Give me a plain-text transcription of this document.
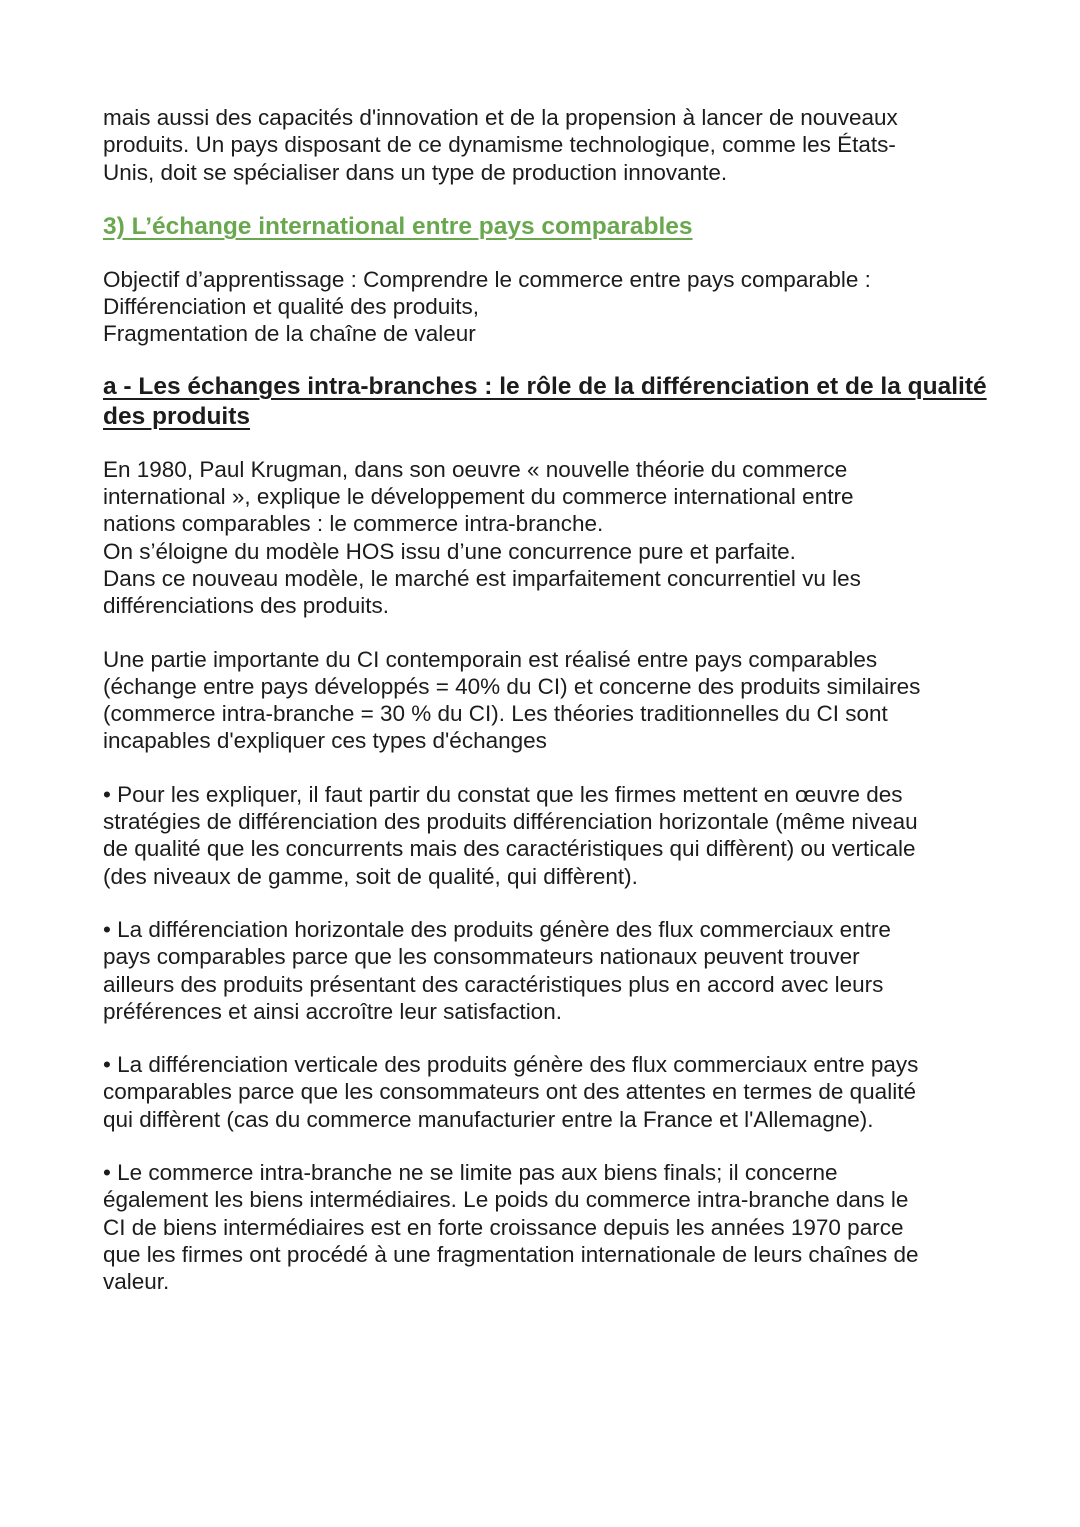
mais aussi des capacités d'innovation et de la propension à lancer de nouveaux
produits. Un pays disposant de ce dynamisme technologique, comme les États-
Unis, doit se spécialiser dans un type de production innovante.

3) L’échange international entre pays comparables

Objectif d’apprentissage : Comprendre le commerce entre pays comparable :
Différenciation et qualité des produits,
Fragmentation de la chaîne de valeur

a - Les échanges intra-branches : le rôle de la différenciation et de la qualité
des produits

En 1980, Paul Krugman, dans son oeuvre « nouvelle théorie du commerce
international », explique le développement du commerce international entre
nations comparables : le commerce intra-branche.
On s’éloigne du modèle HOS issu d’une concurrence pure et parfaite.
Dans ce nouveau modèle, le marché est imparfaitement concurrentiel vu les
différenciations des produits.

Une partie importante du CI contemporain est réalisé entre pays comparables
(échange entre pays développés = 40% du CI) et concerne des produits similaires
(commerce intra-branche = 30 % du CI). Les théories traditionnelles du CI sont
incapables d'expliquer ces types d'échanges

• Pour les expliquer, il faut partir du constat que les firmes mettent en œuvre des
stratégies de différenciation des produits différenciation horizontale (même niveau
de qualité que les concurrents mais des caractéristiques qui diffèrent) ou verticale
(des niveaux de gamme, soit de qualité, qui diffèrent).

• La différenciation horizontale des produits génère des flux commerciaux entre
pays comparables parce que les consommateurs nationaux peuvent trouver
ailleurs des produits présentant des caractéristiques plus en accord avec leurs
préférences et ainsi accroître leur satisfaction.

• La différenciation verticale des produits génère des flux commerciaux entre pays
comparables parce que les consommateurs ont des attentes en termes de qualité
qui diffèrent (cas du commerce manufacturier entre la France et l'Allemagne).

• Le commerce intra-branche ne se limite pas aux biens finals; il concerne
également les biens intermédiaires. Le poids du commerce intra-branche dans le
CI de biens intermédiaires est en forte croissance depuis les années 1970 parce
que les firmes ont procédé à une fragmentation internationale de leurs chaînes de
valeur.
